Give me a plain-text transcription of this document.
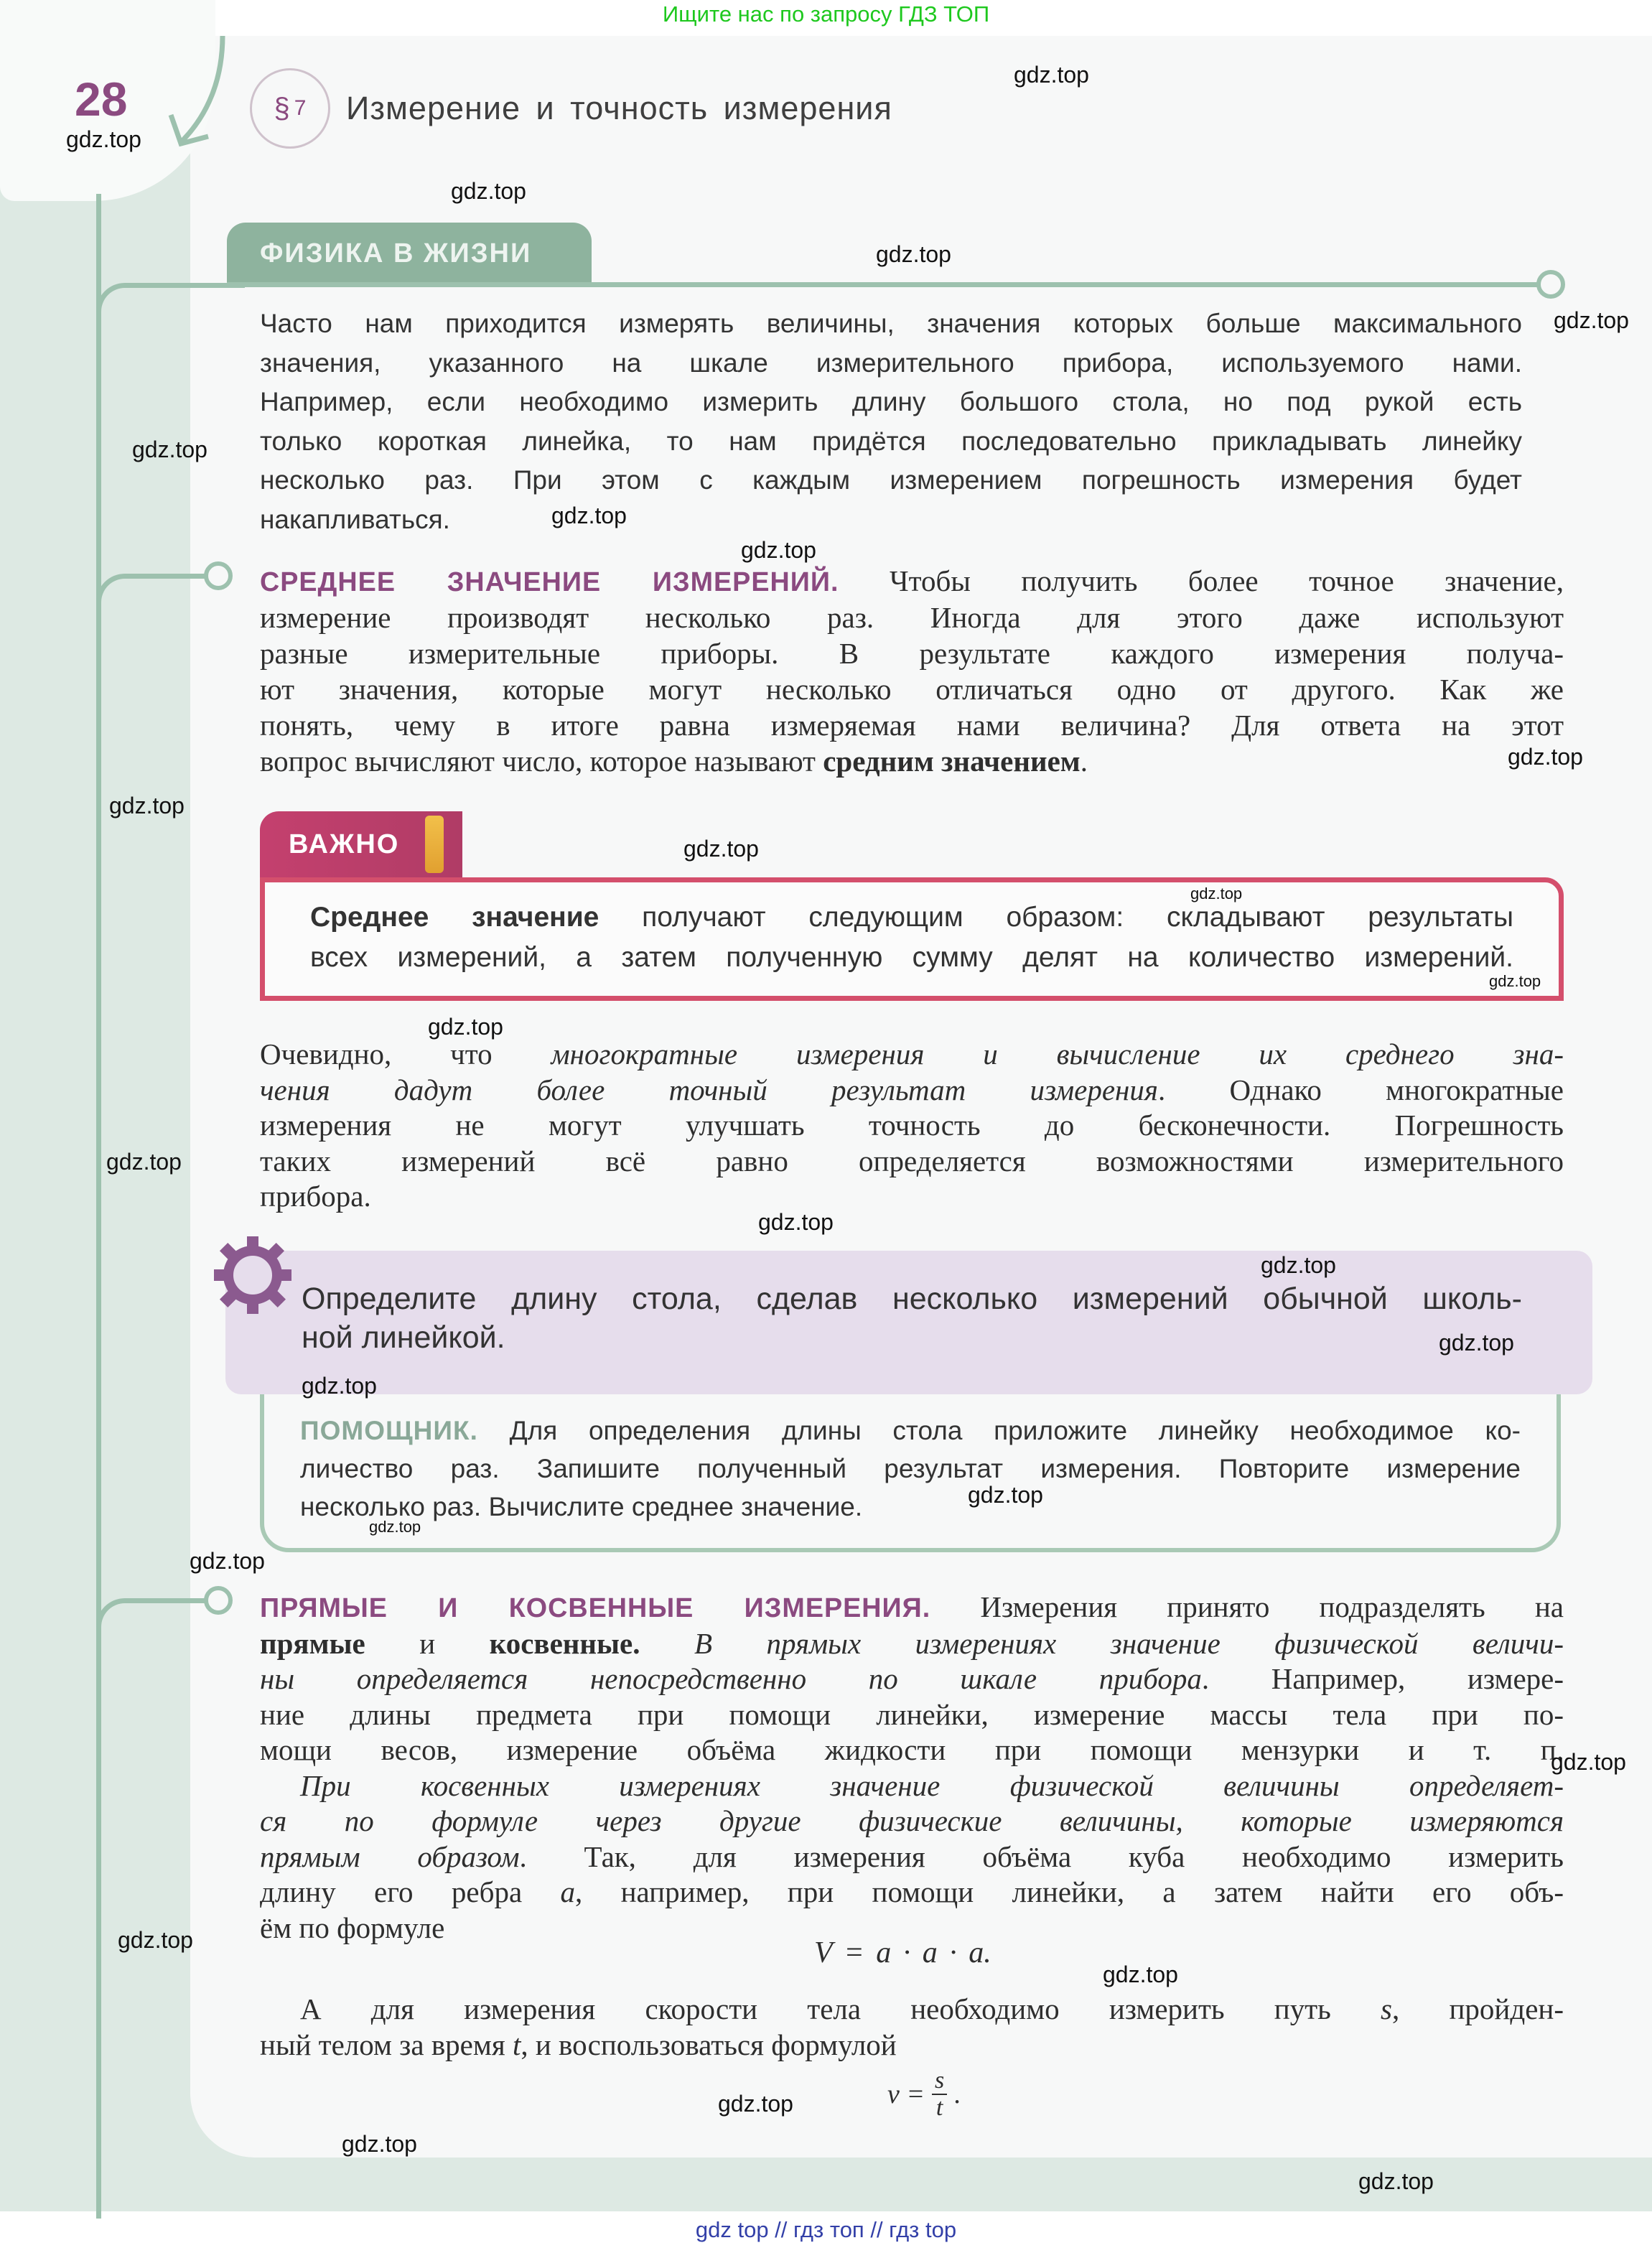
Ищите нас по запросу ГДЗ ТОП
28	§ 7 Измерение и точность измерения
ФИЗИКА В ЖИЗНИ
Часто нам приходится измерять величины, значения которых больше максимального
значения, указанного на шкале измерительного прибора, используемого нами.
Например, если необходимо измерить длину большого стола, но под рукой есть
только короткая линейка, то нам придётся последовательно прикладывать линейку
несколько раз. При этом с каждым измерением погрешность измерения будет
накапливаться.
СРЕДНЕЕ ЗНАЧЕНИЕ ИЗМЕРЕНИЙ. Чтобы получить более точное значение,
измерение производят несколько раз. Иногда для этого даже используют
разные измерительные приборы. В результате каждого измерения получа-
ют значения, которые могут несколько отличаться одно от другого. Как же
понять, чему в итоге равна измеряемая нами величина? Для ответа на этот
вопрос вычисляют число, которое называют средним значением.
ВАЖНО
Среднее значение получают следующим образом: складывают результаты
всех измерений, а затем полученную сумму делят на количество измерений.
Очевидно, что многократные измерения и вычисление их среднего зна-
чения дадут более точный результат измерения. Однако многократные
измерения не могут улучшать точность до бесконечности. Погрешность
таких измерений всё равно определяется возможностями измерительного
прибора.
Определите длину стола, сделав несколько измерений обычной школь-
ной линейкой.
ПОМОЩНИК. Для определения длины стола приложите линейку необходимое ко-
личество раз. Запишите полученный результат измерения. Повторите измерение
несколько раз. Вычислите среднее значение.
ПРЯМЫЕ И КОСВЕННЫЕ ИЗМЕРЕНИЯ. Измерения принято подразделять на
прямые и косвенные. В прямых измерениях значение физической величи-
ны определяется непосредственно по шкале прибора. Например, измере-
ние длины предмета при помощи линейки, измерение массы тела при по-
мощи весов, измерение объёма жидкости при помощи мензурки и т. п.
При косвенных измерениях значение физической величины определяет-
ся по формуле через другие физические величины, которые измеряются
прямым образом. Так, для измерения объёма куба необходимо измерить
длину его ребра a, например, при помощи линейки, а затем найти его объ-
ём по формуле
V = a · a · a.
А для измерения скорости тела необходимо измерить путь s, пройден-
ный телом за время t, и воспользоваться формулой
$v = \frac{s}{t}$ .
gdz top // гдз топ // гдз top
gdz.top
gdz.top
gdz.top
gdz.top
gdz.top
gdz.top
gdz.top
gdz.top
gdz.top
gdz.top
gdz.top
gdz.top
gdz.top
gdz.top
gdz.top
gdz.top
gdz.top
gdz.top
gdz.top
gdz.top
gdz.top
gdz.top
gdz.top
gdz.top
gdz.top
gdz.top
gdz.top
gdz.top
